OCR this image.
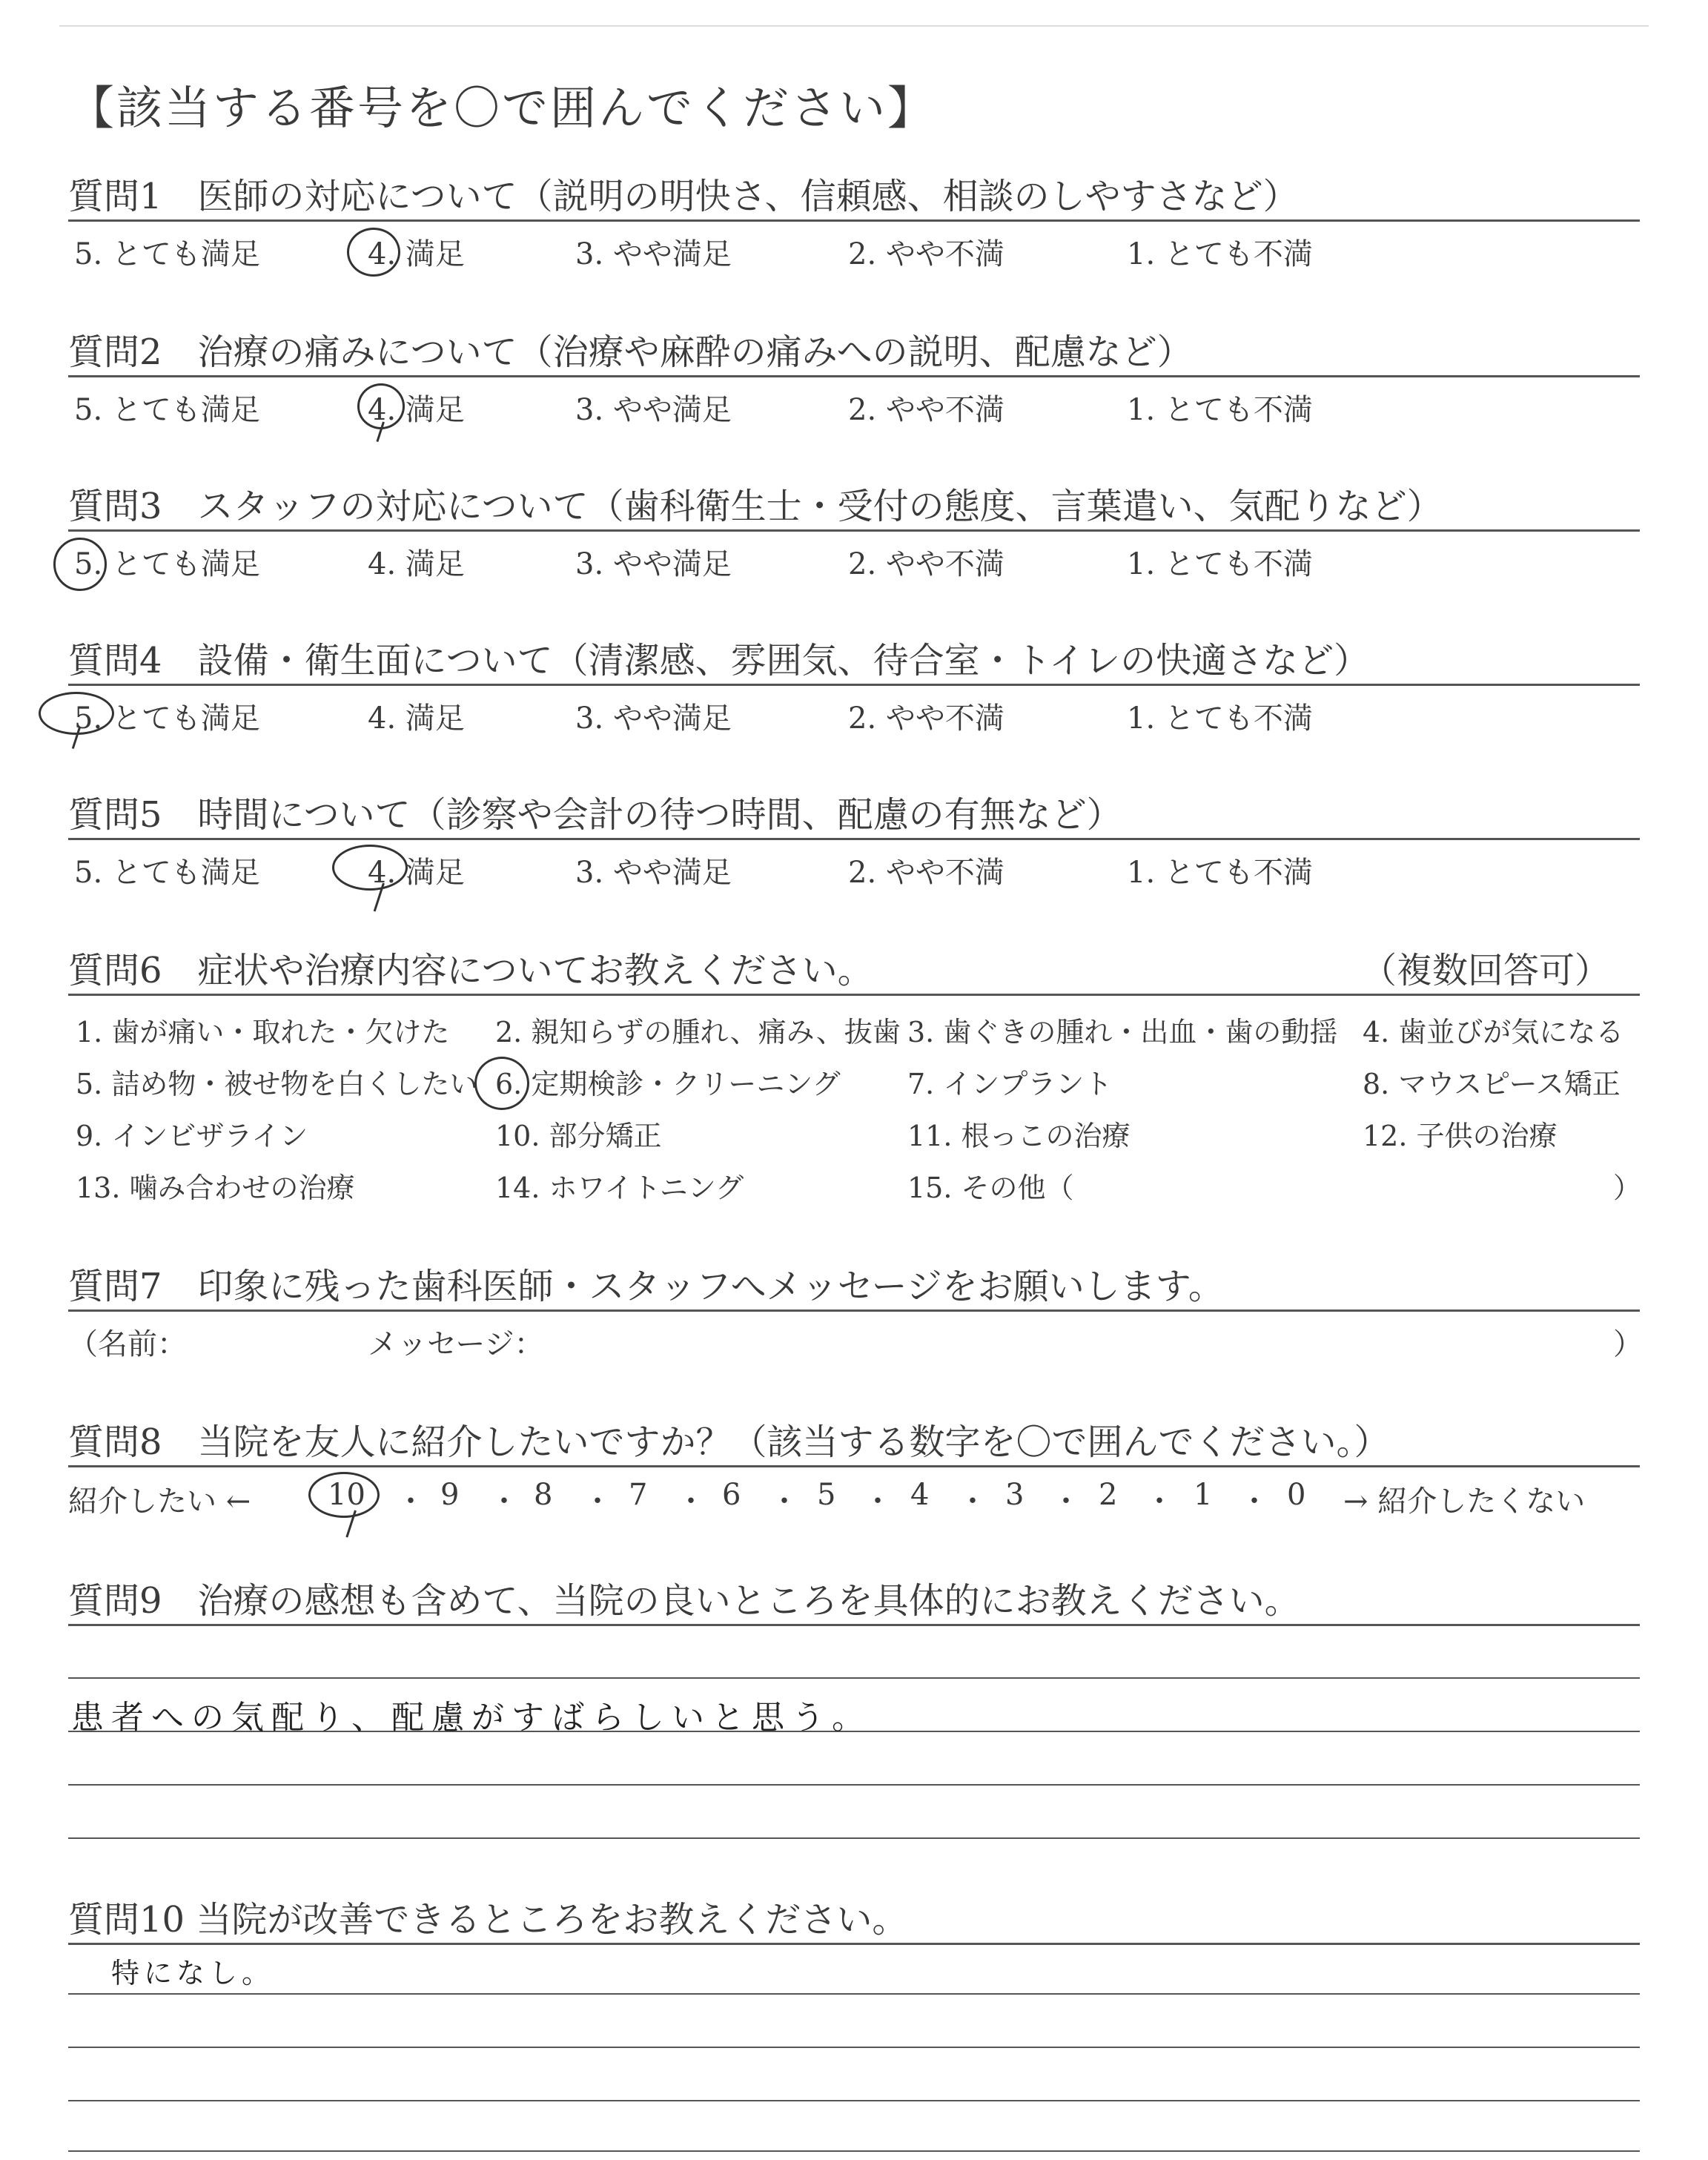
【該当する番号を〇で囲んでください】
質問1　医師の対応について（説明の明快さ、信頼感、相談のしやすさなど）
5. とても満足	4. 満足	3. やや満足	2. やや不満	1. とても不満
質問2　治療の痛みについて（治療や麻酔の痛みへの説明、配慮など）
5. とても満足	4. 満足	3. やや満足	2. やや不満	1. とても不満
質問3　スタッフの対応について（歯科衛生士・受付の態度、言葉遣い、気配りなど）
5. とても満足	4. 満足	3. やや満足	2. やや不満	1. とても不満
質問4　設備・衛生面について（清潔感、雰囲気、待合室・トイレの快適さなど）
5. とても満足	4. 満足	3. やや満足	2. やや不満	1. とても不満
質問5　時間について（診察や会計の待つ時間、配慮の有無など）
5. とても満足	4. 満足	3. やや満足	2. やや不満	1. とても不満
質問6　症状や治療内容についてお教えください。	（複数回答可）
1. 歯が痛い・取れた・欠けた 2. 親知らずの腫れ、痛み、抜歯 3. 歯ぐきの腫れ・出血・歯の動揺 4. 歯並びが気になる
5. 詰め物・被せ物を白くしたい 6. 定期検診・クリーニング 7. インプラント	8. マウスピース矯正
9. インビザライン	10. 部分矯正	11. 根っこの治療	12. 子供の治療
13. 噛み合わせの治療	14. ホワイトニング	15. その他（	）
質問7　印象に残った歯科医師・スタッフへメッセージをお願いします。
（名前：	メッセージ：	）
質問8　当院を友人に紹介したいですか？（該当する数字を〇で囲んでください。）
紹介したい ←	10 ・ 9 ・ 8 ・ 7 ・ 6 ・ 5 ・ 4 ・ 3 ・ 2 ・ 1 ・ 0 → 紹介したくない
質問9　治療の感想も含めて、当院の良いところを具体的にお教えください。
患者への気配り、配慮がすばらしいと思う。
質問10 当院が改善できるところをお教えください。
特になし。
